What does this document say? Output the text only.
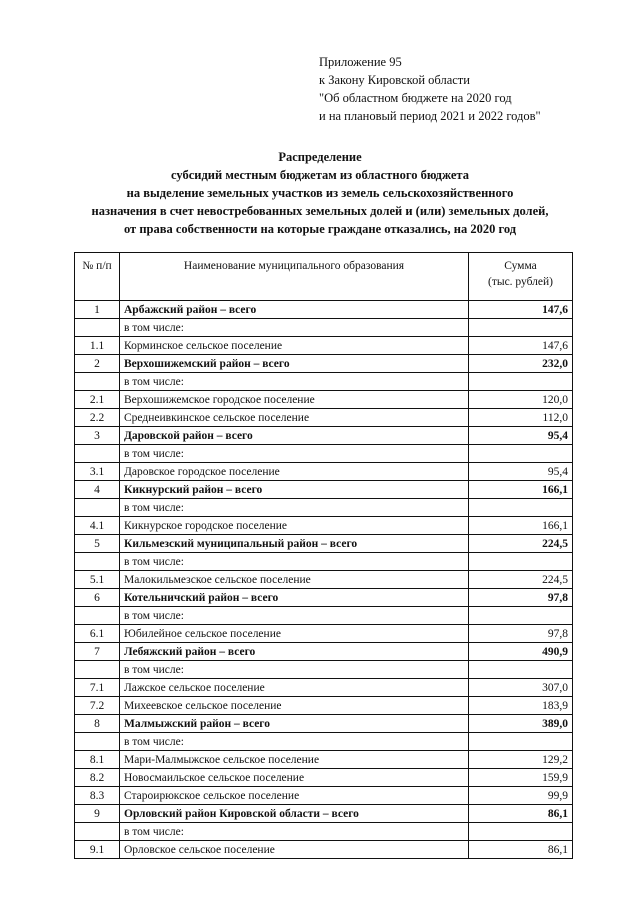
Приложение 95
к Закону Кировской области
"Об областном бюджете на 2020 год
и на плановый период 2021 и 2022 годов"
Распределение
субсидий местным бюджетам из областного бюджета
на выделение земельных участков из земель сельскохозяйственного
назначения в счет невостребованных земельных долей и (или) земельных долей,
от права собственности на которые граждане отказались, на 2020 год
№ п/п	Наименование муниципального образования	Сумма
(тыс. рублей)

1	Арбажский район – всего	147,6
	в том числе:	
1.1	Корминское сельское поселение	147,6
2	Верхошижемский район – всего	232,0
	в том числе:	
2.1	Верхошижемское городское поселение	120,0
2.2	Среднеивкинское сельское поселение	112,0
3	Даровской район – всего	95,4
	в том числе:	
3.1	Даровское городское поселение	95,4
4	Кикнурский район – всего	166,1
	в том числе:	
4.1	Кикнурское городское поселение	166,1
5	Кильмезский муниципальный район – всего	224,5
	в том числе:	
5.1	Малокильмезское сельское поселение	224,5
6	Котельничский район – всего	97,8
	в том числе:	
6.1	Юбилейное сельское поселение	97,8
7	Лебяжский район – всего	490,9
	в том числе:	
7.1	Лажское сельское поселение	307,0
7.2	Михеевское сельское поселение	183,9
8	Малмыжский район – всего	389,0
	в том числе:	
8.1	Мари-Малмыжское сельское поселение	129,2
8.2	Новосмаильское сельское поселение	159,9
8.3	Староирюкское сельское поселение	99,9
9	Орловский район Кировской области – всего	86,1
	в том числе:	
9.1	Орловское сельское поселение	86,1
